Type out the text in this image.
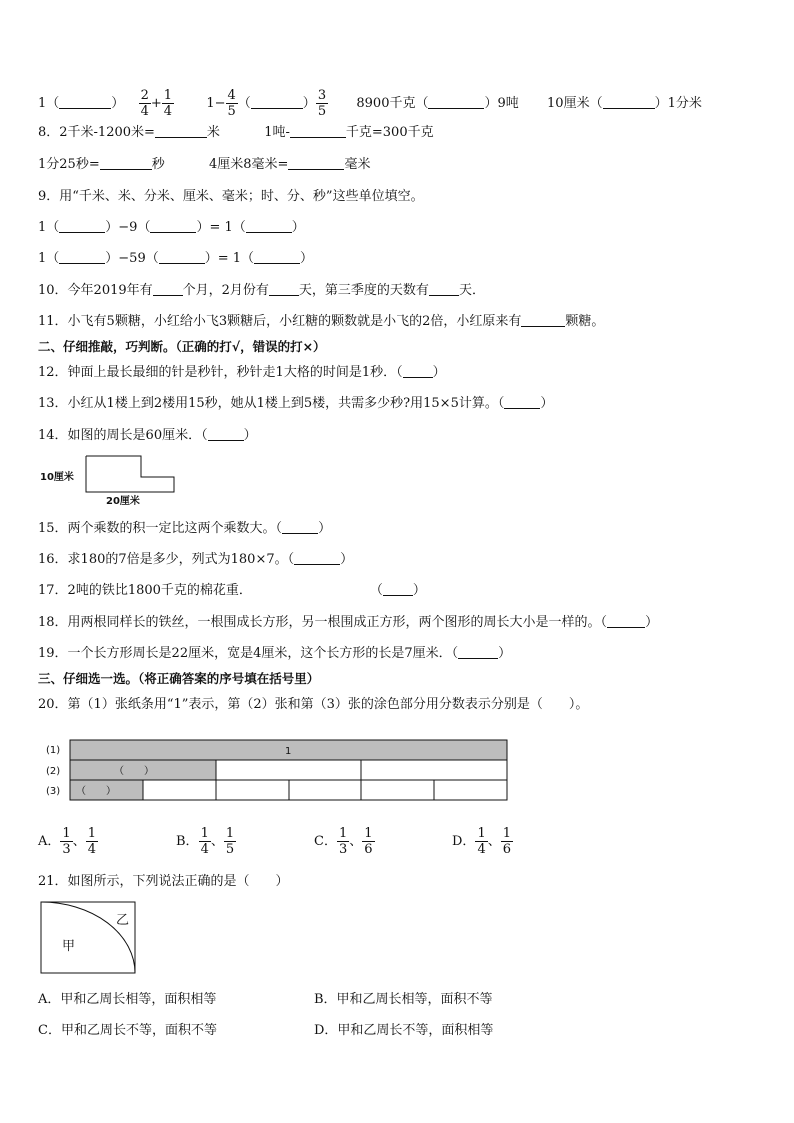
1（	） $\frac{2}{4} + \frac{1}{4} 1- \frac{4}{5}$ （	） $\frac{3}{5} 8900$千克（	）9吨 10厘米（	）1分米
8．2千米-1200米=	米	1吨-	千克=300千克
1分25秒=	秒	4厘米8毫米=	毫米
9．用“千米、米、分米、厘米、毫米；时、分、秒”这些单位填空。
1（	）−9（	）= 1（	）
1（	）−59（	）= 1（	）
10．今年2019年有 个月，2月份有 天，第三季度的天数有 天．
11．小飞有5颗糖，小红给小飞3颗糖后，小红糖的颗数就是小飞的2倍，小红原来有	颗糖。
二、仔细推敲，巧判断。（正确的打√，错误的打×）
12．钟面上最长最细的针是秒针，秒针走1大格的时间是1秒．（ ）
13．小红从1楼上到2楼用15秒，她从1楼上到5楼，共需多少秒?用15×5计算。（	）
14．如图的周长是60厘米．（	）
10厘米
20厘米
15．两个乘数的积一定比这两个乘数大。（	）
16．求180的7倍是多少，列式为180×7。（	）
17．2吨的铁比1800千克的棉花重．	（ ）
18．用两根同样长的铁丝，一根围成长方形，另一根围成正方形，两个图形的周长大小是一样的。（	）
19．一个长方形周长是22厘米，宽是4厘米，这个长方形的长是7厘米．（	）
三、仔细选一选。（将正确答案的序号填在括号里）
20．第（1）张纸条用“1”表示，第（2）张和第（3）张的涂色部分用分数表示分别是（　　）。
(1)
(2)
(3)
1
（　　）
（　　）
A． $\frac{1}{3}$ 、 $\frac{1}{4}$	B． $\frac{1}{4}$ 、 $\frac{1}{5}$	C． $\frac{1}{3}$ 、 $\frac{1}{6}$	D． $\frac{1}{4}$ 、 $\frac{1}{6}$
21．如图所示，下列说法正确的是（　　）
甲
乙
A．甲和乙周长相等，面积相等	B．甲和乙周长相等，面积不等
C．甲和乙周长不等，面积不等	D．甲和乙周长不等，面积相等
